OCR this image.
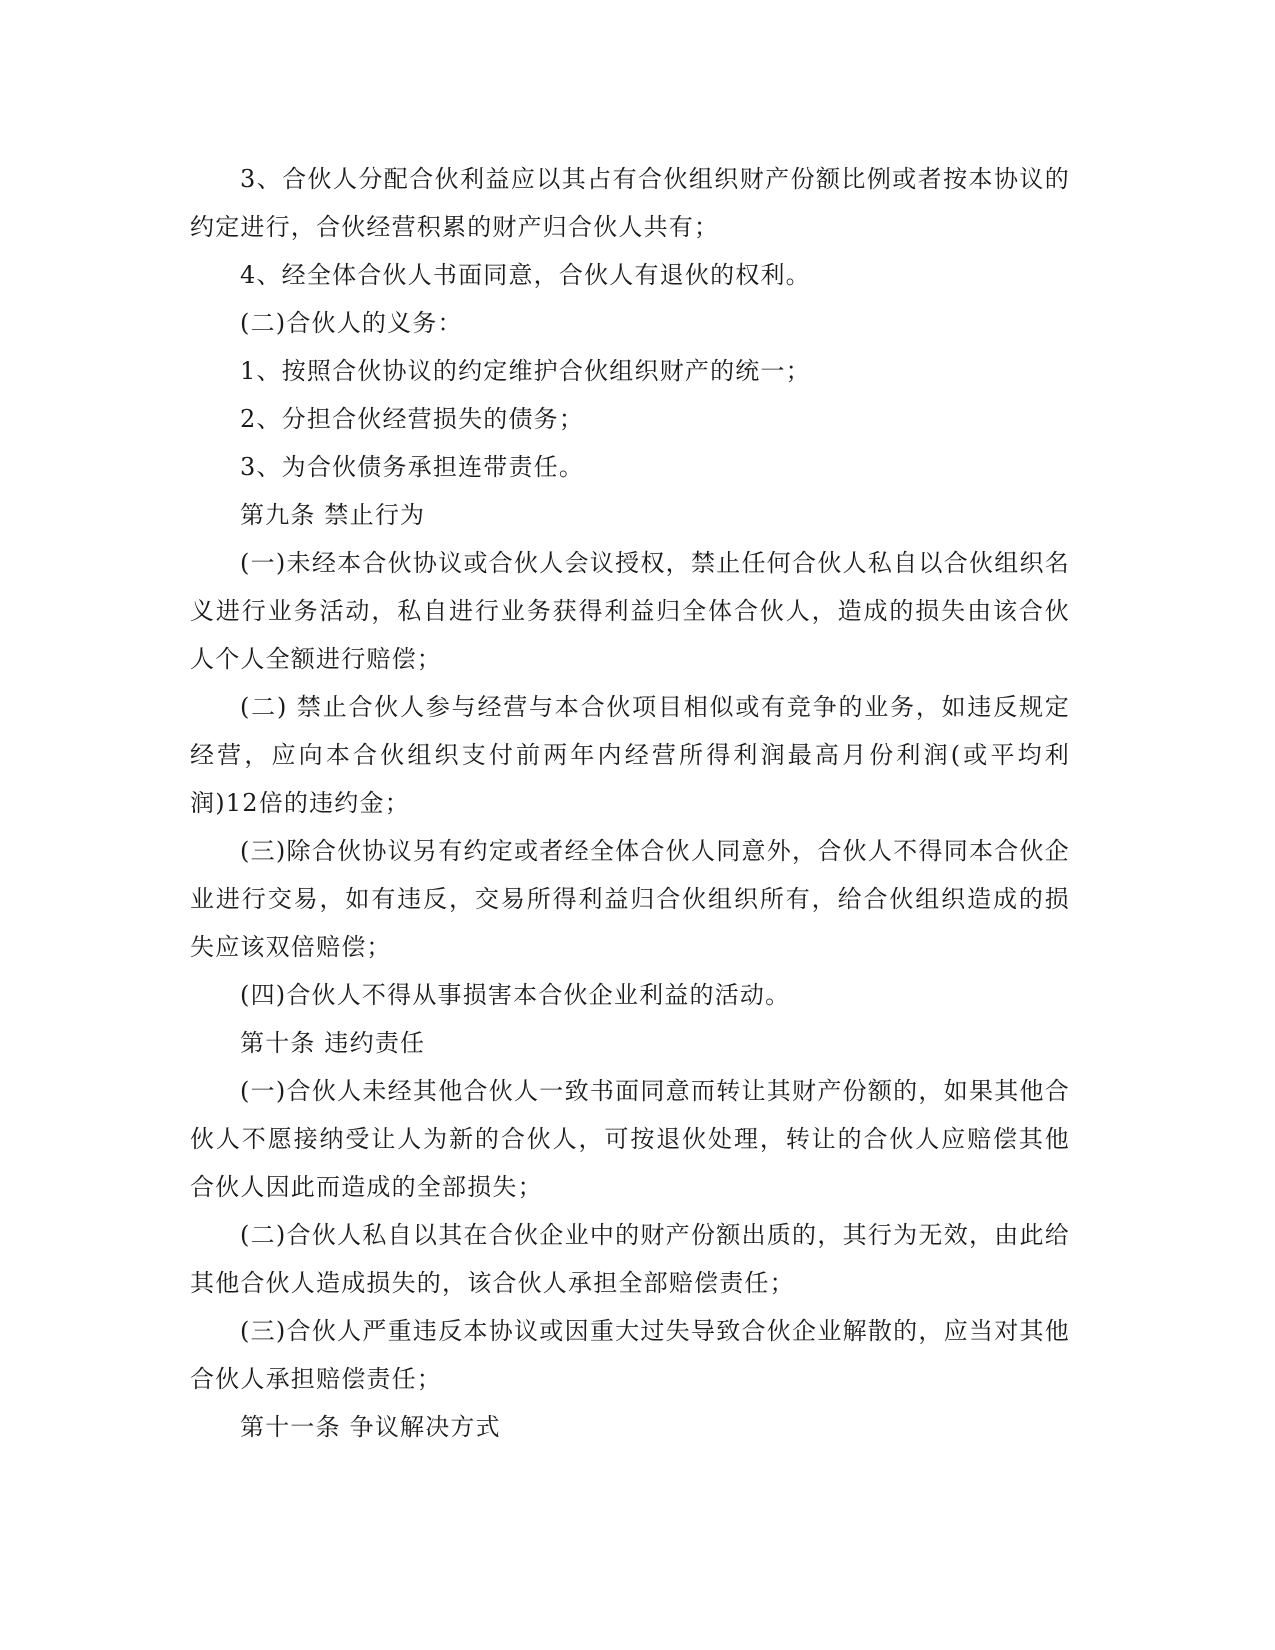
3、合伙人分配合伙利益应以其占有合伙组织财产份额比例或者按本协议的约定进行，合伙经营积累的财产归合伙人共有；

4、经全体合伙人书面同意，合伙人有退伙的权利。

(二)合伙人的义务：

1、按照合伙协议的约定维护合伙组织财产的统一；

2、分担合伙经营损失的债务；

3、为合伙债务承担连带责任。

第九条 禁止行为

(一)未经本合伙协议或合伙人会议授权，禁止任何合伙人私自以合伙组织名义进行业务活动，私自进行业务获得利益归全体合伙人，造成的损失由该合伙人个人全额进行赔偿；

(二) 禁止合伙人参与经营与本合伙项目相似或有竞争的业务，如违反规定经营，应向本合伙组织支付前两年内经营所得利润最高月份利润(或平均利润)12倍的违约金；

(三)除合伙协议另有约定或者经全体合伙人同意外，合伙人不得同本合伙企业进行交易，如有违反，交易所得利益归合伙组织所有，给合伙组织造成的损失应该双倍赔偿；

(四)合伙人不得从事损害本合伙企业利益的活动。

第十条 违约责任

(一)合伙人未经其他合伙人一致书面同意而转让其财产份额的，如果其他合伙人不愿接纳受让人为新的合伙人，可按退伙处理，转让的合伙人应赔偿其他合伙人因此而造成的全部损失；

(二)合伙人私自以其在合伙企业中的财产份额出质的，其行为无效，由此给其他合伙人造成损失的，该合伙人承担全部赔偿责任；

(三)合伙人严重违反本协议或因重大过失导致合伙企业解散的，应当对其他合伙人承担赔偿责任；

第十一条 争议解决方式
